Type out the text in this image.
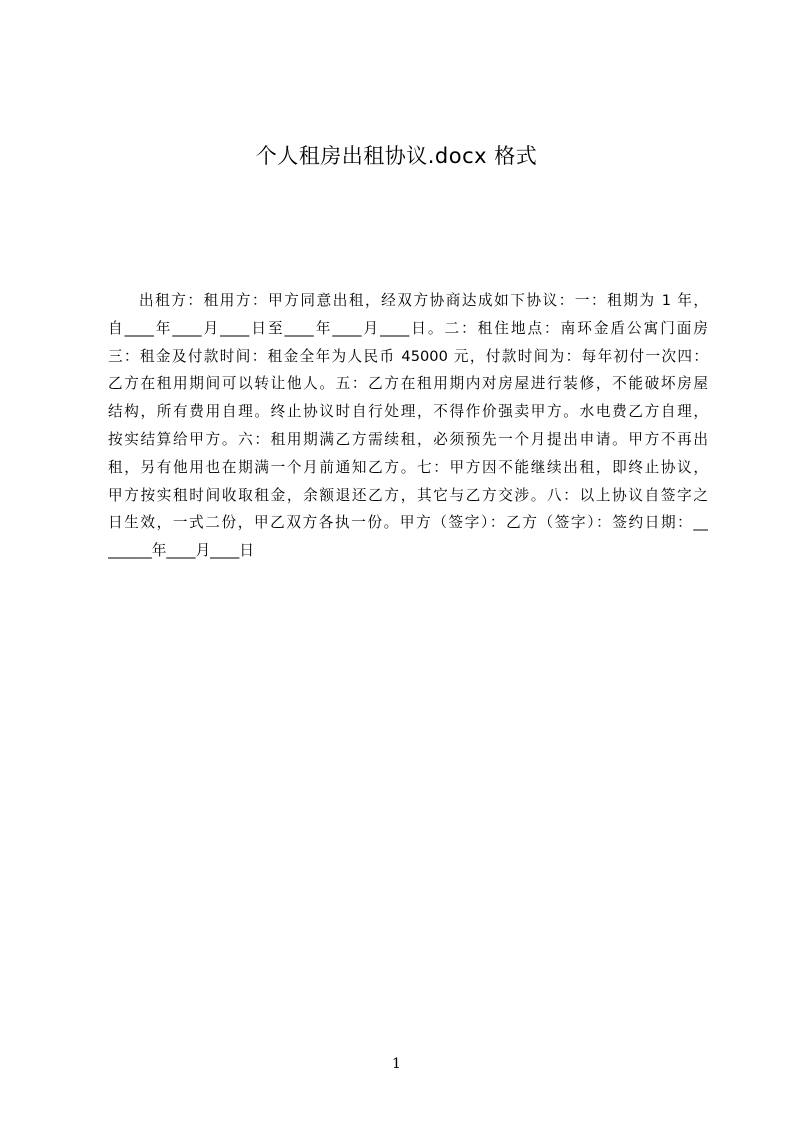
个人租房出租协议.docx 格式
出租方：租用方：甲方同意出租，经双方协商达成如下协议：一：租期为 1 年，
自____年____月____日至____年____月____日。二：租住地点：南环金盾公寓门面房
三：租金及付款时间：租金全年为人民币 45000 元，付款时间为：每年初付一次四：
乙方在租用期间可以转让他人。五：乙方在租用期内对房屋进行装修，不能破坏房屋
结构，所有费用自理。终止协议时自行处理，不得作价强卖甲方。水电费乙方自理，
按实结算给甲方。六：租用期满乙方需续租，必须预先一个月提出申请。甲方不再出
租，另有他用也在期满一个月前通知乙方。七：甲方因不能继续出租，即终止协议，
甲方按实租时间收取租金，余额退还乙方，其它与乙方交涉。八：以上协议自签字之
日生效，一式二份，甲乙双方各执一份。甲方（签字）：乙方（签字）：签约日期：__
______年____月____日
1
